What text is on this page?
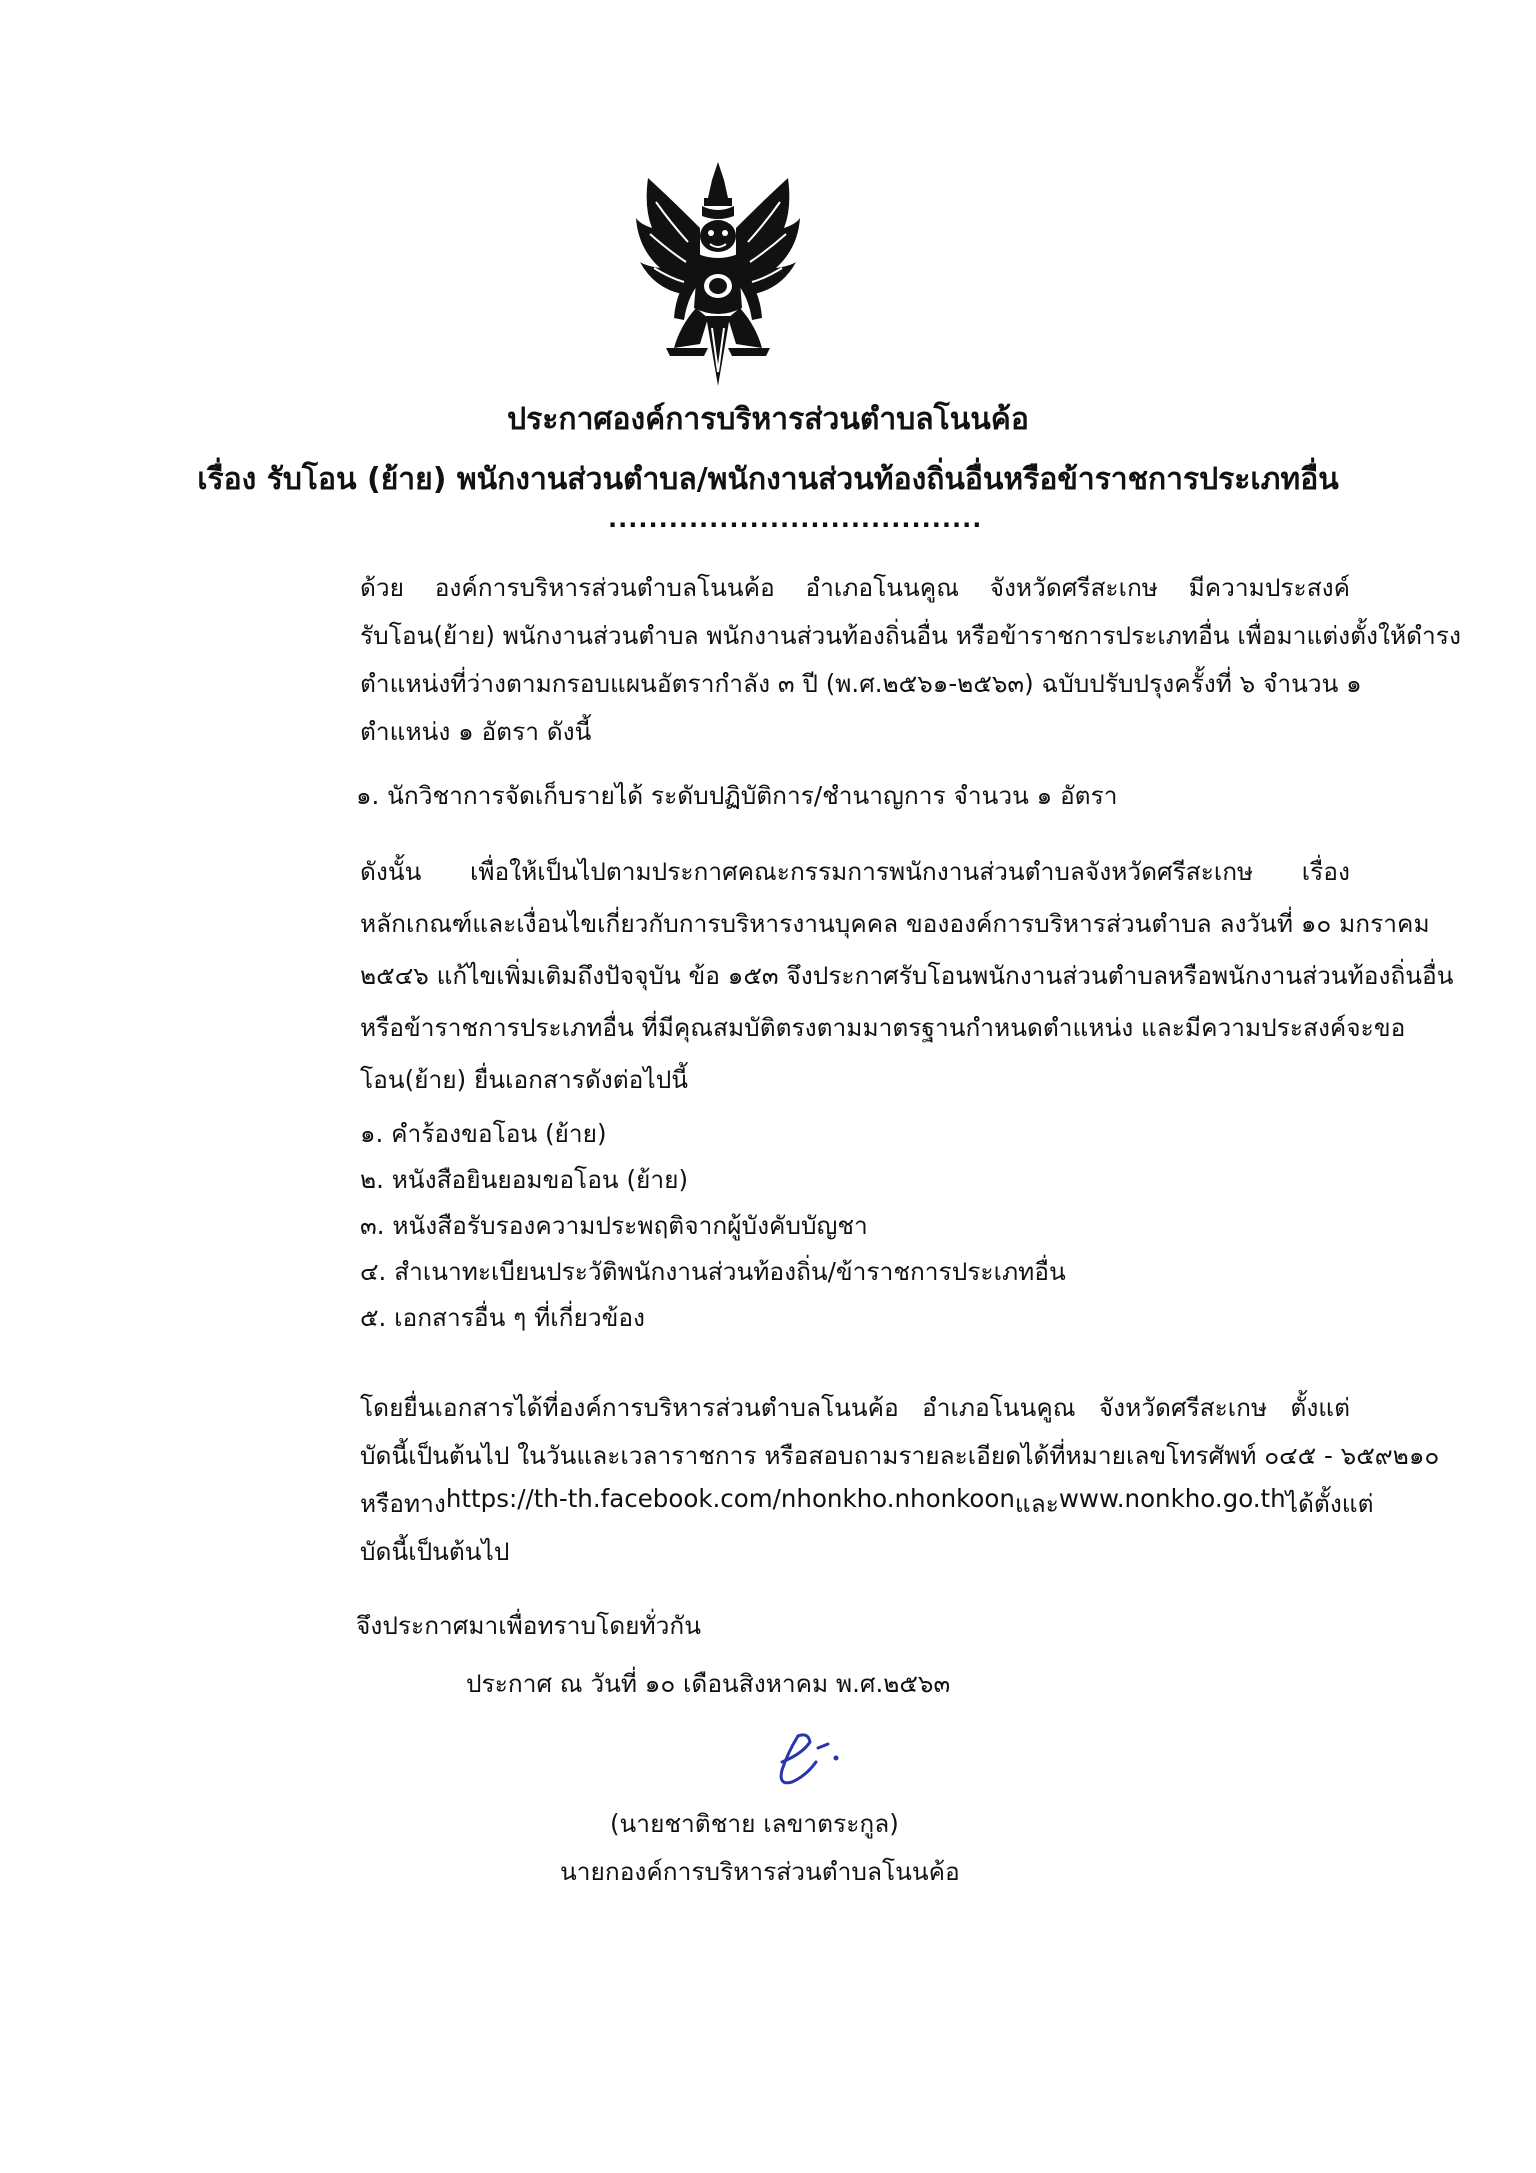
ประกาศองค์การบริหารส่วนตำบลโนนค้อ
เรื่อง รับโอน (ย้าย) พนักงานส่วนตำบล/พนักงานส่วนท้องถิ่นอื่นหรือข้าราชการประเภทอื่น
.....................................
ด้วย องค์การบริหารส่วนตำบลโนนค้อ อำเภอโนนคูณ จังหวัดศรีสะเกษ มีความประสงค์
รับโอน(ย้าย) พนักงานส่วนตำบล พนักงานส่วนท้องถิ่นอื่น หรือข้าราชการประเภทอื่น เพื่อมาแต่งตั้งให้ดำรง
ตำแหน่งที่ว่างตามกรอบแผนอัตรากำลัง ๓ ปี (พ.ศ.๒๕๖๑-๒๕๖๓) ฉบับปรับปรุงครั้งที่ ๖ จำนวน ๑
ตำแหน่ง ๑ อัตรา ดังนี้
๑. นักวิชาการจัดเก็บรายได้ ระดับปฏิบัติการ/ชำนาญการ จำนวน ๑ อัตรา
ดังนั้น เพื่อให้เป็นไปตามประกาศคณะกรรมการพนักงานส่วนตำบลจังหวัดศรีสะเกษ เรื่อง
หลักเกณฑ์และเงื่อนไขเกี่ยวกับการบริหารงานบุคคล ขององค์การบริหารส่วนตำบล ลงวันที่ ๑๐ มกราคม
๒๕๔๖ แก้ไขเพิ่มเติมถึงปัจจุบัน ข้อ ๑๕๓ จึงประกาศรับโอนพนักงานส่วนตำบลหรือพนักงานส่วนท้องถิ่นอื่น
หรือข้าราชการประเภทอื่น ที่มีคุณสมบัติตรงตามมาตรฐานกำหนดตำแหน่ง และมีความประสงค์จะขอ
โอน(ย้าย) ยื่นเอกสารดังต่อไปนี้
๑. คำร้องขอโอน (ย้าย)
๒. หนังสือยินยอมขอโอน (ย้าย)
๓. หนังสือรับรองความประพฤติจากผู้บังคับบัญชา
๔. สำเนาทะเบียนประวัติพนักงานส่วนท้องถิ่น/ข้าราชการประเภทอื่น
๕. เอกสารอื่น ๆ ที่เกี่ยวข้อง
โดยยื่นเอกสารได้ที่องค์การบริหารส่วนตำบลโนนค้อ อำเภอโนนคูณ จังหวัดศรีสะเกษ ตั้งแต่
บัดนี้เป็นต้นไป ในวันและเวลาราชการ หรือสอบถามรายละเอียดได้ที่หมายเลขโทรศัพท์ ๐๔๕ - ๖๕๙๒๑๐
หรือทาง https://th-th.facebook.com/nhonkho.nhonkoon และ www.nonkho.go.th ได้ตั้งแต่
บัดนี้เป็นต้นไป
จึงประกาศมาเพื่อทราบโดยทั่วกัน
ประกาศ ณ วันที่ ๑๐ เดือนสิงหาคม พ.ศ.๒๕๖๓
(นายชาติชาย เลขาตระกูล)
นายกองค์การบริหารส่วนตำบลโนนค้อ
